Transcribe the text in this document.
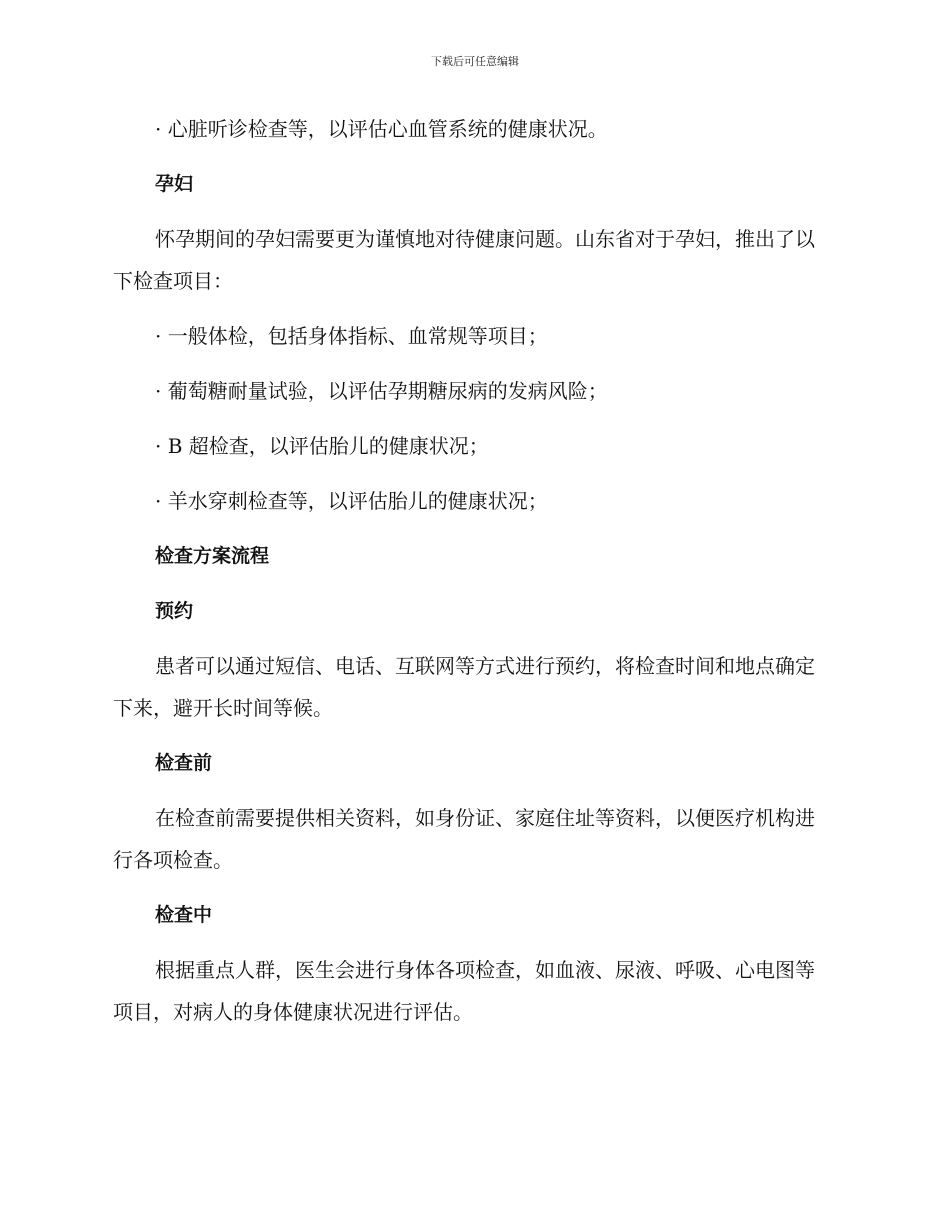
下载后可任意编辑

· 心脏听诊检查等，以评估心血管系统的健康状况。

孕妇

怀孕期间的孕妇需要更为谨慎地对待健康问题。山东省对于孕妇，推出了以下检查项目：

· 一般体检，包括身体指标、血常规等项目；

· 葡萄糖耐量试验，以评估孕期糖尿病的发病风险；

· B 超检查，以评估胎儿的健康状况；

· 羊水穿刺检查等，以评估胎儿的健康状况；

检查方案流程

预约

患者可以通过短信、电话、互联网等方式进行预约，将检查时间和地点确定下来，避开长时间等候。

检查前

在检查前需要提供相关资料，如身份证、家庭住址等资料，以便医疗机构进行各项检查。

检查中

根据重点人群，医生会进行身体各项检查，如血液、尿液、呼吸、心电图等项目，对病人的身体健康状况进行评估。
